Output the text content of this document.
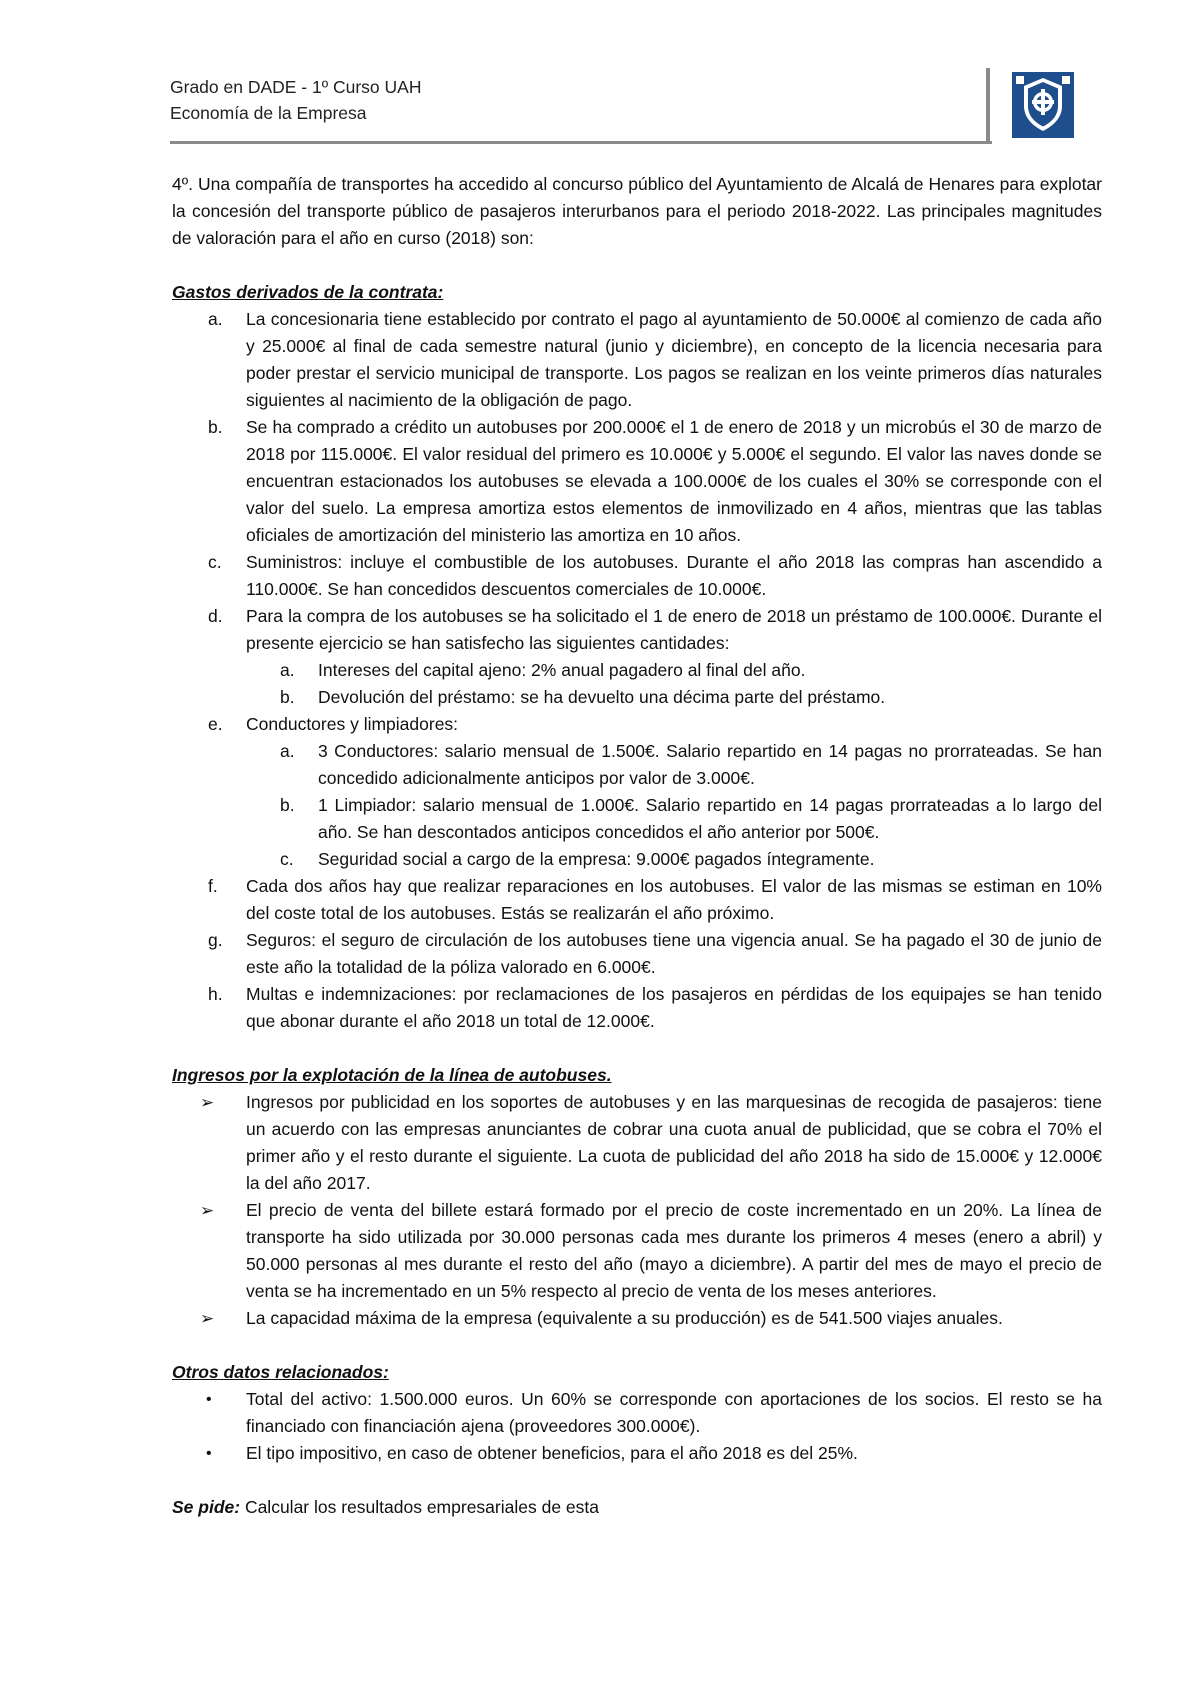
Grado en DADE - 1º Curso UAH
Economía de la Empresa

4º. Una compañía de transportes ha accedido al concurso público del Ayuntamiento de Alcalá de Henares para explotar la concesión del transporte público de pasajeros interurbanos para el periodo 2018-2022. Las principales magnitudes de valoración para el año en curso (2018) son:

Gastos derivados de la contrata:

a. La concesionaria tiene establecido por contrato el pago al ayuntamiento de 50.000€ al comienzo de cada año y 25.000€ al final de cada semestre natural (junio y diciembre), en concepto de la licencia necesaria para poder prestar el servicio municipal de transporte. Los pagos se realizan en los veinte primeros días naturales siguientes al nacimiento de la obligación de pago.
b. Se ha comprado a crédito un autobuses por 200.000€ el 1 de enero de 2018 y un microbús el 30 de marzo de 2018 por 115.000€. El valor residual del primero es 10.000€ y 5.000€ el segundo. El valor las naves donde se encuentran estacionados los autobuses se elevada a 100.000€ de los cuales el 30% se corresponde con el valor del suelo. La empresa amortiza estos elementos de inmovilizado en 4 años, mientras que las tablas oficiales de amortización del ministerio las amortiza en 10 años.
c. Suministros: incluye el combustible de los autobuses. Durante el año 2018 las compras han ascendido a 110.000€. Se han concedidos descuentos comerciales de 10.000€.
d. Para la compra de los autobuses se ha solicitado el 1 de enero de 2018 un préstamo de 100.000€. Durante el presente ejercicio se han satisfecho las siguientes cantidades:
a. Intereses del capital ajeno: 2% anual pagadero al final del año.
b. Devolución del préstamo: se ha devuelto una décima parte del préstamo.
e. Conductores y limpiadores:
a. 3 Conductores: salario mensual de 1.500€. Salario repartido en 14 pagas no prorrateadas. Se han concedido adicionalmente anticipos por valor de 3.000€.
b. 1 Limpiador: salario mensual de 1.000€. Salario repartido en 14 pagas prorrateadas a lo largo del año. Se han descontados anticipos concedidos el año anterior por 500€.
c. Seguridad social a cargo de la empresa: 9.000€ pagados íntegramente.
f. Cada dos años hay que realizar reparaciones en los autobuses. El valor de las mismas se estiman en 10% del coste total de los autobuses. Estás se realizarán el año próximo.
g. Seguros: el seguro de circulación de los autobuses tiene una vigencia anual. Se ha pagado el 30 de junio de este año la totalidad de la póliza valorado en 6.000€.
h. Multas e indemnizaciones: por reclamaciones de los pasajeros en pérdidas de los equipajes se han tenido que abonar durante el año 2018 un total de 12.000€.

Ingresos por la explotación de la línea de autobuses.

➢ Ingresos por publicidad en los soportes de autobuses y en las marquesinas de recogida de pasajeros: tiene un acuerdo con las empresas anunciantes de cobrar una cuota anual de publicidad, que se cobra el 70% el primer año y el resto durante el siguiente. La cuota de publicidad del año 2018 ha sido de 15.000€ y 12.000€ la del año 2017.

➢ El precio de venta del billete estará formado por el precio de coste incrementado en un 20%. La línea de transporte ha sido utilizada por 30.000 personas cada mes durante los primeros 4 meses (enero a abril) y 50.000 personas al mes durante el resto del año (mayo a diciembre). A partir del mes de mayo el precio de venta se ha incrementado en un 5% respecto al precio de venta de los meses anteriores.

➢ La capacidad máxima de la empresa (equivalente a su producción) es de 541.500 viajes anuales.

Otros datos relacionados:

• Total del activo: 1.500.000 euros. Un 60% se corresponde con aportaciones de los socios. El resto se ha financiado con financiación ajena (proveedores 300.000€).

• El tipo impositivo, en caso de obtener beneficios, para el año 2018 es del 25%.

Se pide: Calcular los resultados empresariales de esta
